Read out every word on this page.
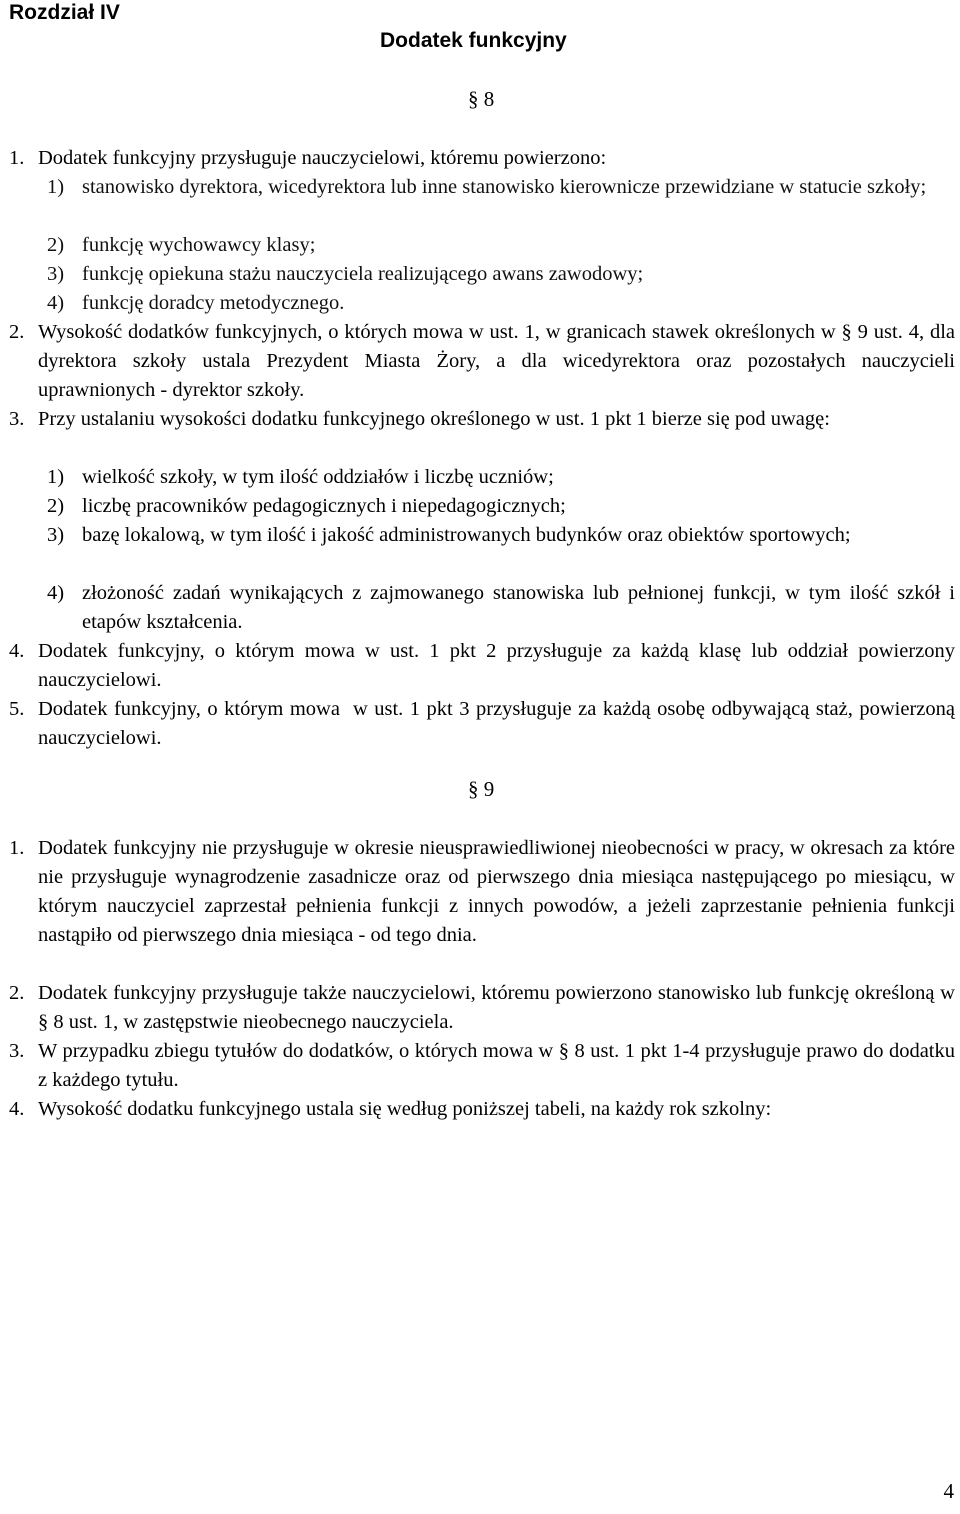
Rozdział IV
Dodatek funkcyjny
§ 8
1. Dodatek funkcyjny przysługuje nauczycielowi, któremu powierzono:
1) stanowisko dyrektora, wicedyrektora lub inne stanowisko kierownicze przewidziane w statucie szkoły;
2) funkcję wychowawcy klasy;
3) funkcję opiekuna stażu nauczyciela realizującego awans zawodowy;
4) funkcję doradcy metodycznego.
2. Wysokość dodatków funkcyjnych, o których mowa w ust. 1, w granicach stawek określonych w § 9 ust. 4, dla dyrektora szkoły ustala Prezydent Miasta Żory, a dla wicedyrektora oraz pozostałych nauczycieli uprawnionych - dyrektor szkoły.
3. Przy ustalaniu wysokości dodatku funkcyjnego określonego w ust. 1 pkt 1 bierze się pod uwagę:
1) wielkość szkoły, w tym ilość oddziałów i liczbę uczniów;
2) liczbę pracowników pedagogicznych i niepedagogicznych;
3) bazę lokalową, w tym ilość i jakość administrowanych budynków oraz obiektów sportowych;
4) złożoność zadań wynikających z zajmowanego stanowiska lub pełnionej funkcji, w tym ilość szkół i etapów kształcenia.
4. Dodatek funkcyjny, o którym mowa w ust. 1 pkt 2 przysługuje za każdą klasę lub oddział powierzony nauczycielowi.
5. Dodatek funkcyjny, o którym mowa  w ust. 1 pkt 3 przysługuje za każdą osobę odbywającą staż, powierzoną nauczycielowi.
§ 9
1. Dodatek funkcyjny nie przysługuje w okresie nieusprawiedliwionej nieobecności w pracy, w okresach za które nie przysługuje wynagrodzenie zasadnicze oraz od pierwszego dnia miesiąca następującego po miesiącu, w którym nauczyciel zaprzestał pełnienia funkcji z innych powodów, a jeżeli zaprzestanie pełnienia funkcji nastąpiło od pierwszego dnia miesiąca - od tego dnia.
2. Dodatek funkcyjny przysługuje także nauczycielowi, któremu powierzono stanowisko lub funkcję określoną w § 8 ust. 1, w zastępstwie nieobecnego nauczyciela.
3. W przypadku zbiegu tytułów do dodatków, o których mowa w § 8 ust. 1 pkt 1-4 przysługuje prawo do dodatku z każdego tytułu.
4. Wysokość dodatku funkcyjnego ustala się według poniższej tabeli, na każdy rok szkolny:
4
